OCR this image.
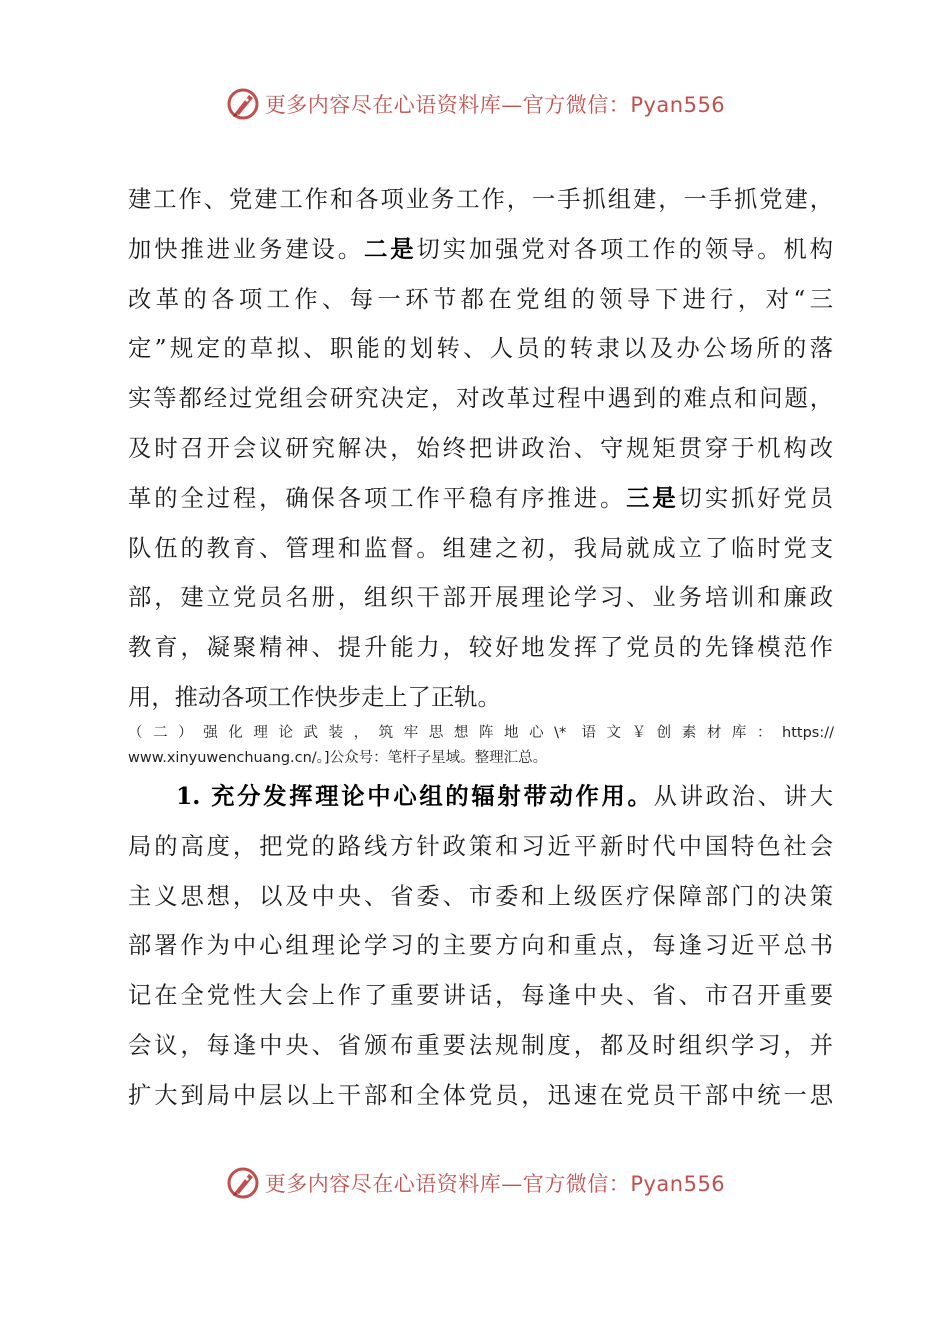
更多内容尽在心语资料库—官方微信：Pyan556
建工作、党建工作和各项业务工作，一手抓组建，一手抓党建，
加快推进业务建设。二是切实加强党对各项工作的领导。机构
改革的各项工作、每一环节都在党组的领导下进行，对“三
定”规定的草拟、职能的划转、人员的转隶以及办公场所的落
实等都经过党组会研究决定，对改革过程中遇到的难点和问题，
及时召开会议研究解决，始终把讲政治、守规矩贯穿于机构改
革的全过程，确保各项工作平稳有序推进。三是切实抓好党员
队伍的教育、管理和监督。组建之初，我局就成立了临时党支
部，建立党员名册，组织干部开展理论学习、业务培训和廉政
教育，凝聚精神、提升能力，较好地发挥了党员的先锋模范作
用，推动各项工作快步走上了正轨。
（二）强化理论武装，筑牢思想阵地心\* 语文￥创素材库：https://
www.xinyuwenchuang.cn/。]公众号：笔杆子星域。整理汇总。
1. 充分发挥理论中心组的辐射带动作用。从讲政治、讲大
局的高度，把党的路线方针政策和习近平新时代中国特色社会
主义思想，以及中央、省委、市委和上级医疗保障部门的决策
部署作为中心组理论学习的主要方向和重点，每逢习近平总书
记在全党性大会上作了重要讲话，每逢中央、省、市召开重要
会议，每逢中央、省颁布重要法规制度，都及时组织学习，并
扩大到局中层以上干部和全体党员，迅速在党员干部中统一思
更多内容尽在心语资料库—官方微信：Pyan556
